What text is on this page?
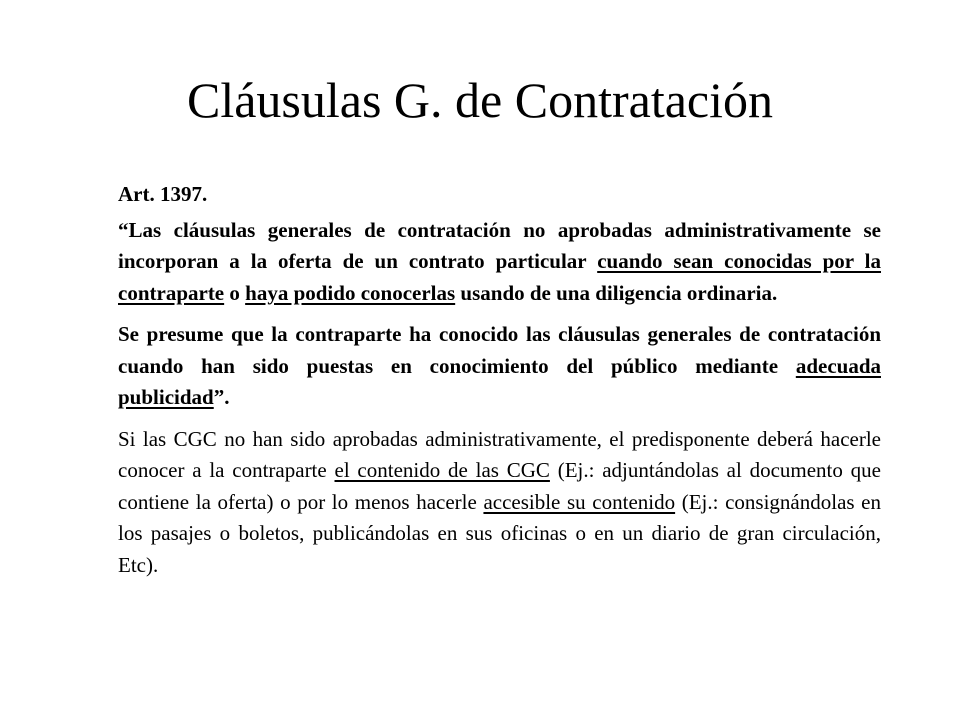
Cláusulas G. de Contratación

Art. 1397.

“Las cláusulas generales de contratación no aprobadas administrativamente se incorporan a la oferta de un contrato particular cuando sean conocidas por la contraparte o haya podido conocerlas usando de una diligencia ordinaria.

Se presume que la contraparte ha conocido las cláusulas generales de contratación cuando han sido puestas en conocimiento del público mediante adecuada publicidad”.

Si las CGC no han sido aprobadas administrativamente, el predisponente deberá hacerle conocer a la contraparte el contenido de las CGC (Ej.: adjuntándolas al documento que contiene la oferta) o por lo menos hacerle accesible su contenido (Ej.: consignándolas en los pasajes o boletos, publicándolas en sus oficinas o en un diario de gran circulación, Etc).
